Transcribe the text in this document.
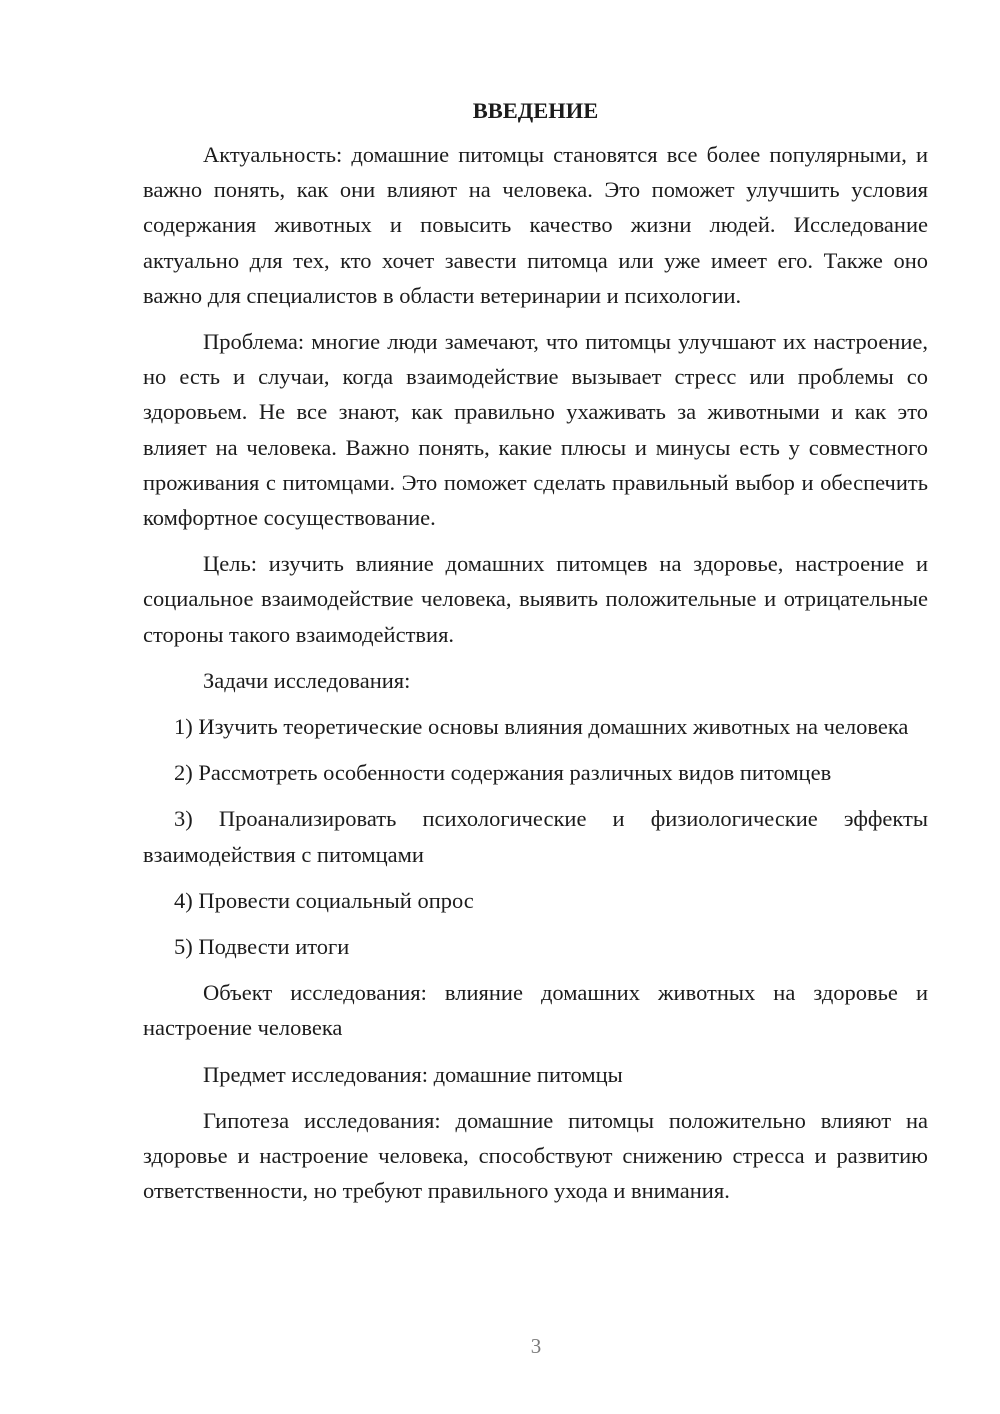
ВВЕДЕНИЕ

Актуальность: домашние питомцы становятся все более популярными, и важно понять, как они влияют на человека. Это поможет улучшить условия содержания животных и повысить качество жизни людей. Исследование актуально для тех, кто хочет завести питомца или уже имеет его. Также оно важно для специалистов в области ветеринарии и психологии.

Проблема: многие люди замечают, что питомцы улучшают их настроение, но есть и случаи, когда взаимодействие вызывает стресс или проблемы со здоровьем. Не все знают, как правильно ухаживать за животными и как это влияет на человека. Важно понять, какие плюсы и минусы есть у совместного проживания с питомцами. Это поможет сделать правильный выбор и обеспечить комфортное сосуществование.

Цель: изучить влияние домашних питомцев на здоровье, настроение и социальное взаимодействие человека, выявить положительные и отрицательные стороны такого взаимодействия.

Задачи исследования:

1) Изучить теоретические основы влияния домашних животных на человека

2) Рассмотреть особенности содержания различных видов питомцев

3) Проанализировать психологические и физиологические эффекты взаимодействия с питомцами

4) Провести социальный опрос

5) Подвести итоги

Объект исследования: влияние домашних животных на здоровье и настроение человека

Предмет исследования: домашние питомцы

Гипотеза исследования: домашние питомцы положительно влияют на здоровье и настроение человека, способствуют снижению стресса и развитию ответственности, но требуют правильного ухода и внимания.

3
